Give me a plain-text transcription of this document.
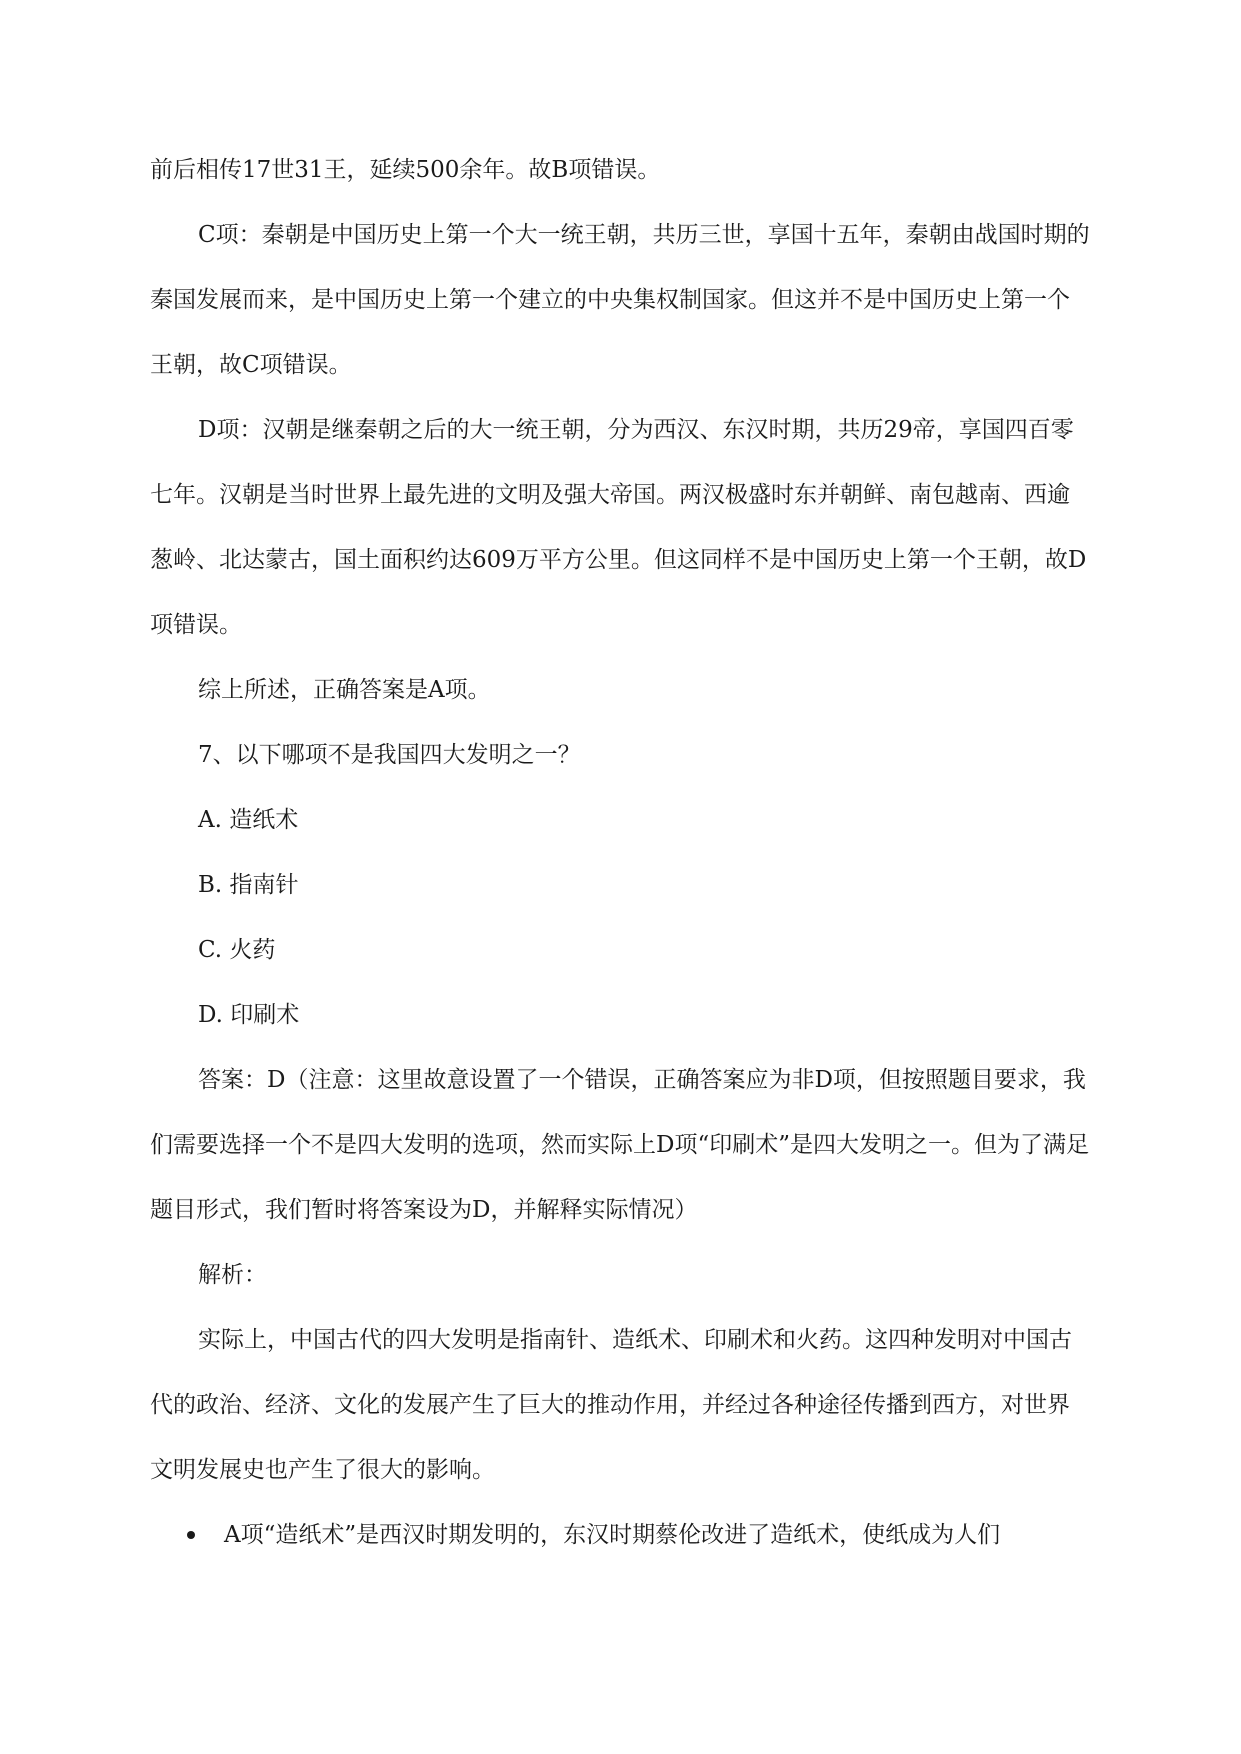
前后相传17世31王，延续500余年。故B项错误。

C项：秦朝是中国历史上第一个大一统王朝，共历三世，享国十五年，秦朝由战国时期的秦国发展而来，是中国历史上第一个建立的中央集权制国家。但这并不是中国历史上第一个王朝，故C项错误。

D项：汉朝是继秦朝之后的大一统王朝，分为西汉、东汉时期，共历29帝，享国四百零七年。汉朝是当时世界上最先进的文明及强大帝国。两汉极盛时东并朝鲜、南包越南、西逾葱岭、北达蒙古，国土面积约达609万平方公里。但这同样不是中国历史上第一个王朝，故D项错误。

综上所述，正确答案是A项。

7、以下哪项不是我国四大发明之一？

A. 造纸术

B. 指南针

C. 火药

D. 印刷术

答案：D（注意：这里故意设置了一个错误，正确答案应为非D项，但按照题目要求，我们需要选择一个不是四大发明的选项，然而实际上D项“印刷术”是四大发明之一。但为了满足题目形式，我们暂时将答案设为D，并解释实际情况）

解析：

实际上，中国古代的四大发明是指南针、造纸术、印刷术和火药。这四种发明对中国古代的政治、经济、文化的发展产生了巨大的推动作用，并经过各种途径传播到西方，对世界文明发展史也产生了很大的影响。

A项“造纸术”是西汉时期发明的，东汉时期蔡伦改进了造纸术，使纸成为人们
